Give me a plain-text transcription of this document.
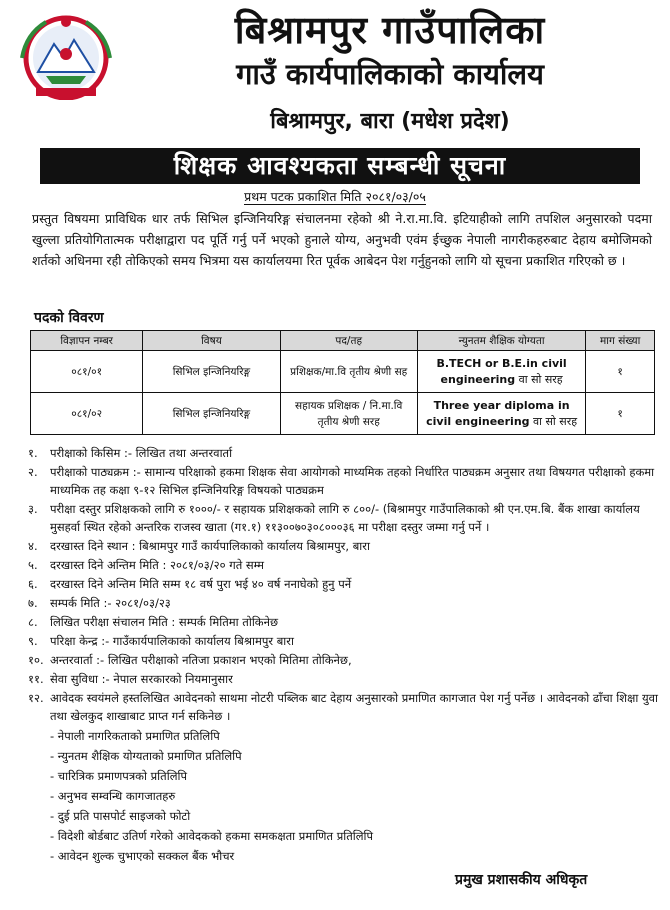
बिश्रामपुर गाउँपालिका
गाउँ कार्यपालिकाको कार्यालय
बिश्रामपुर, बारा (मधेश प्रदेश)
शिक्षक आवश्यकता सम्बन्धी सूचना
प्रथम पटक प्रकाशित मिति २०८१/०३/०५
प्रस्तुत विषयमा प्राविधिक धार तर्फ सिभिल इन्जिनियरिङ्ग संचालनमा रहेको श्री ने.रा.मा.वि. इटियाहीको लागि तपशिल अनुसारको पदमा खुल्ला प्रतियोगितात्मक परीक्षाद्वारा पद पूर्ति गर्नु पर्ने भएको हुनाले योग्य, अनुभवी एवंम ईच्छुक नेपाली नागरीकहरुबाट देहाय बमोजिमको शर्तको अधिनमा रही तोकिएको समय भित्रमा यस कार्यालयमा रित पूर्वक आबेदन पेश गर्नुहुनको लागि यो सूचना प्रकाशित गरिएको छ ।
पदको विवरण
विज्ञापन नम्बर	विषय	पद/तह	न्युनतम शैक्षिक योग्यता	माग संख्या
०८१/०१	सिभिल इन्जिनियरिङ्ग	प्रशिक्षक/मा.वि तृतीय श्रेणी सह	B.TECH or B.E.in civil engineering वा सो सरह	१
०८१/०२	सिभिल इन्जिनियरिङ्ग	सहायक प्रशिक्षक / नि.मा.वि तृतीय श्रेणी सरह	Three year diploma in civil engineering वा सो सरह	१
१.	परीक्षाको किसिम :- लिखित तथा अन्तरवार्ता
२.	परीक्षाको पाठ्यक्रम :- सामान्य परिक्षाको हकमा शिक्षक सेवा आयोगको माध्यमिक तहको निर्धारित पाठ्यक्रम अनुसार तथा विषयगत परीक्षाको हकमा माध्यमिक तह कक्षा ९-१२ सिभिल इन्जिनियरिङ्ग विषयको पाठ्यक्रम
३.	परीक्षा दस्तुर प्रशिक्षकको लागि रु १०००/- र सहायक प्रशिक्षकको लागि रु ८००/- (बिश्रामपुर गाउँपालिकाको श्री एन.एम.बि. बैंक शाखा कार्यालय मुसहर्वा स्थित रहेको अन्तरिक राजस्व खाता (ग१.१) ११३००७०३०८०००३६ मा परीक्षा दस्तुर जम्मा गर्नु पर्ने ।
४.	दरखास्त दिने स्थान : बिश्रामपुर गाउँ कार्यपालिकाको कार्यालय बिश्रामपुर, बारा
५.	दरखास्त दिने अन्तिम मिति : २०८१/०३/२० गते सम्म
६.	दरखास्त दिने अन्तिम मिति सम्म १८ वर्ष पुरा भई ४० वर्ष ननाघेको हुनु पर्ने
७.	सम्पर्क मिति :- २०८१/०३/२३
८.	लिखित परीक्षा संचालन मिति : सम्पर्क मितिमा तोकिनेछ
९.	परिक्षा केन्द्र :- गाउँकार्यपालिकाको कार्यालय बिश्रामपुर बारा
१०. अन्तरवार्ता :- लिखित परीक्षाको नतिजा प्रकाशन भएको मितिमा तोकिनेछ,
११. सेवा सुविधा :- नेपाल सरकारको नियमानुसार
१२. आवेदक स्वयंमले हस्तलिखित आवेदनको साथमा नोटरी पब्लिक बाट देहाय अनुसारको प्रमाणित कागजात पेश गर्नु पर्नेछ । आवेदनको ढाँचा शिक्षा युवा तथा खेलकुद शाखाबाट प्राप्त गर्न सकिनेछ ।
- नेपाली नागरिकताको प्रमाणित प्रतिलिपि
- न्युनतम शैक्षिक योग्यताको प्रमाणित प्रतिलिपि
- चारित्रिक प्रमाणपत्रको प्रतिलिपि
- अनुभव सम्वन्धि कागजातहरु
- दुई प्रति पासपोर्ट साइजको फोटो
- विदेशी बोर्डबाट उतिर्ण गरेको आवेदकको हकमा समकक्षता प्रमाणित प्रतिलिपि
- आवेदन शुल्क चुभाएको सक्कल बैंक भौचर
प्रमुख प्रशासकीय अधिकृत
